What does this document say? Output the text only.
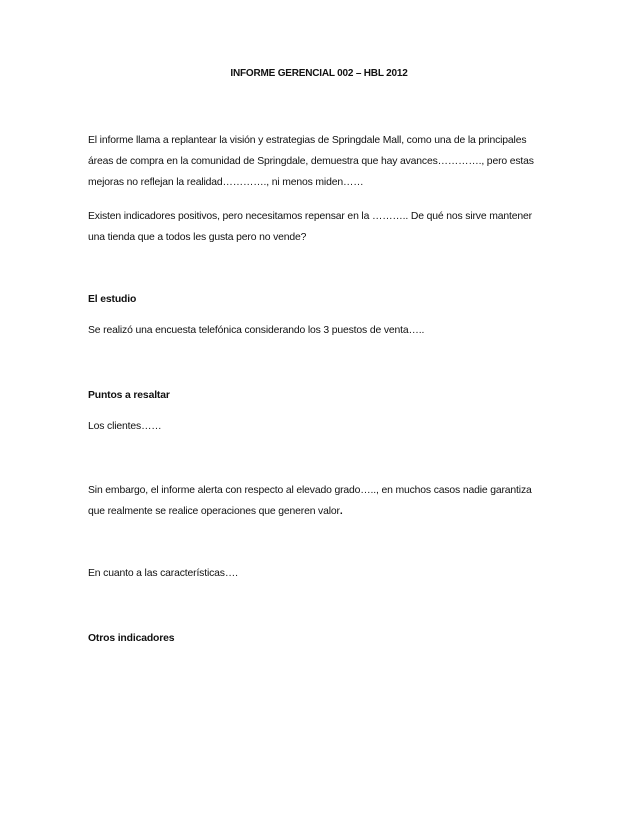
INFORME GERENCIAL 002 – HBL 2012
El informe llama a replantear la visión y estrategias de Springdale Mall, como una de la principales
áreas de compra en la comunidad de Springdale, demuestra que hay avances…………., pero estas
mejoras no reflejan la realidad…………., ni menos miden……
Existen indicadores positivos, pero necesitamos repensar en la ……….. De qué nos sirve mantener
una tienda que a todos les gusta pero no vende?
El estudio
Se realizó una encuesta telefónica considerando los 3 puestos de venta…..
Puntos a resaltar
Los clientes……
Sin embargo, el informe alerta con respecto al elevado grado….., en muchos casos nadie garantiza
que realmente se realice operaciones que generen valor.
En cuanto a las características….
Otros indicadores
